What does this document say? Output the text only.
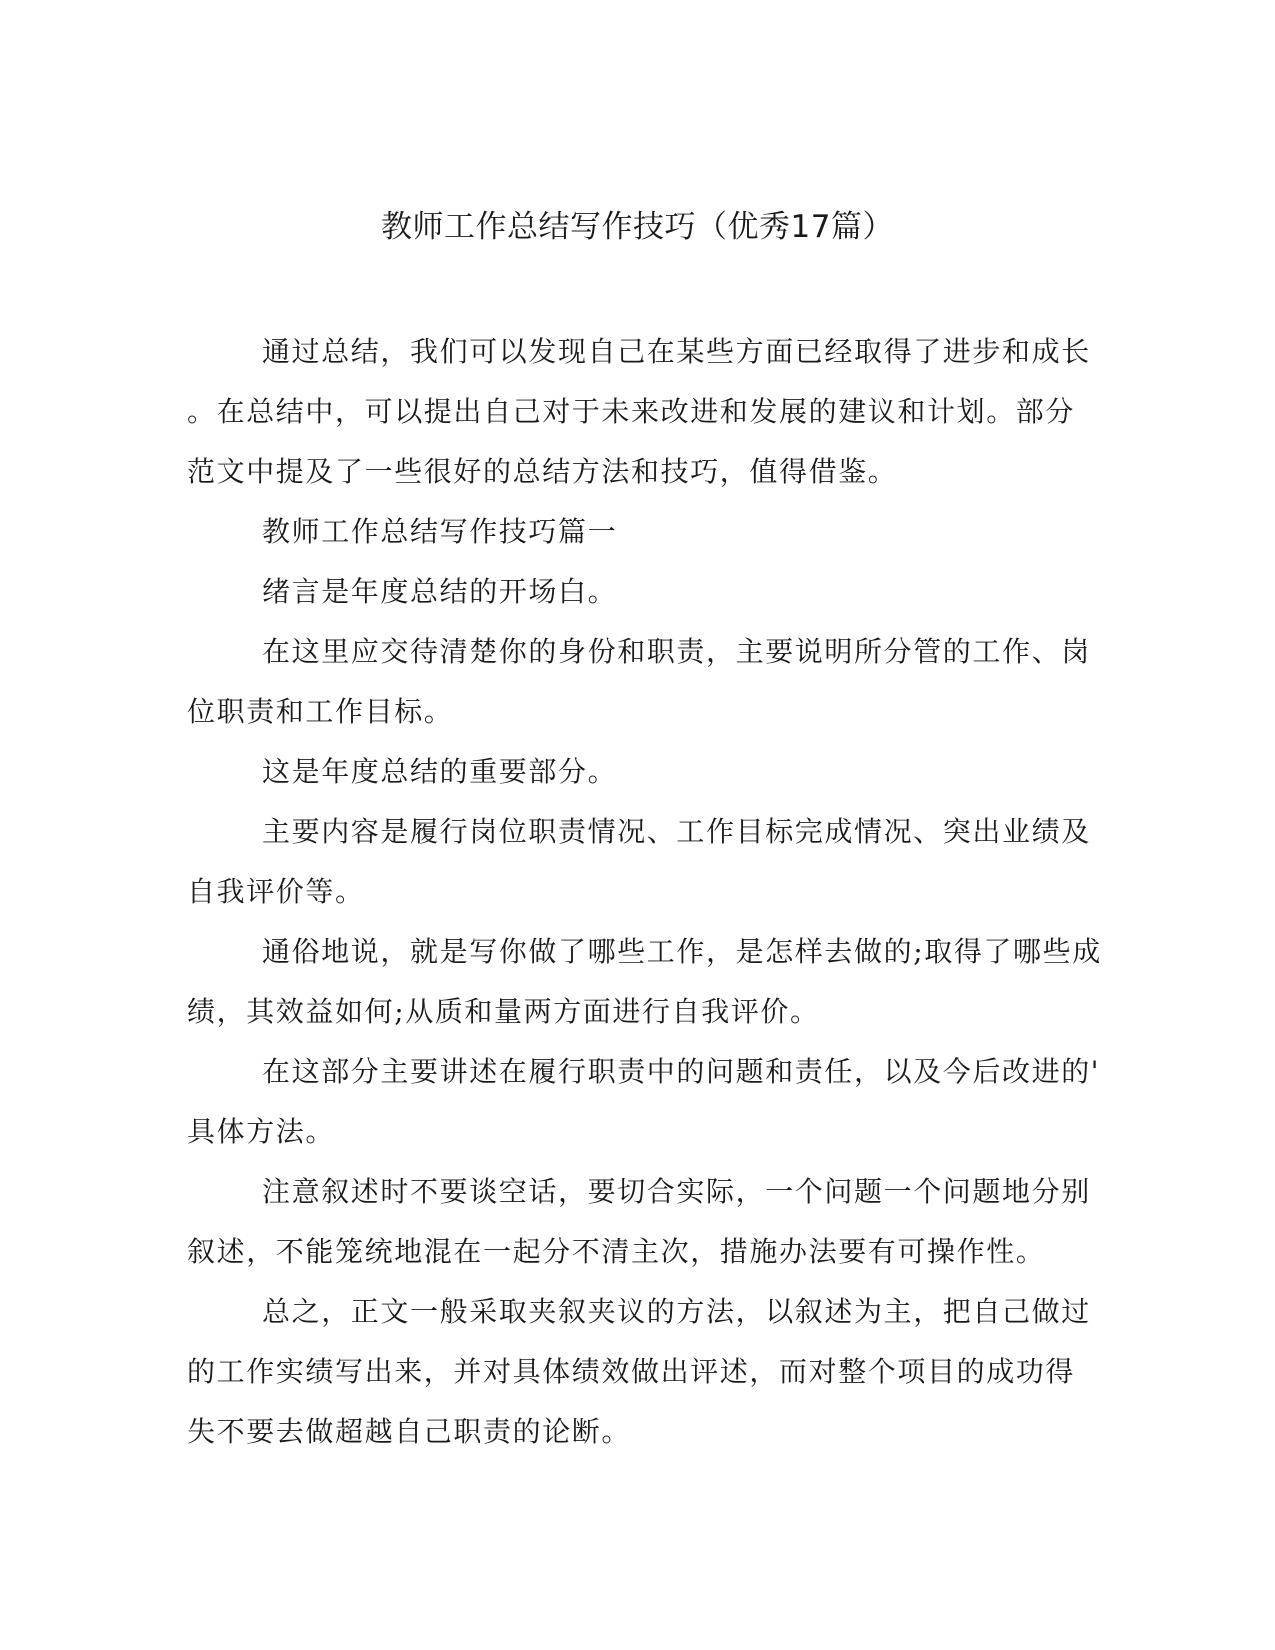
教师工作总结写作技巧（优秀17篇）

通过总结，我们可以发现自己在某些方面已经取得了进步和成长
。在总结中，可以提出自己对于未来改进和发展的建议和计划。部分
范文中提及了一些很好的总结方法和技巧，值得借鉴。

教师工作总结写作技巧篇一

绪言是年度总结的开场白。

在这里应交待清楚你的身份和职责，主要说明所分管的工作、岗
位职责和工作目标。

这是年度总结的重要部分。

主要内容是履行岗位职责情况、工作目标完成情况、突出业绩及
自我评价等。

通俗地说，就是写你做了哪些工作，是怎样去做的;取得了哪些成
绩，其效益如何;从质和量两方面进行自我评价。

在这部分主要讲述在履行职责中的问题和责任，以及今后改进的'
具体方法。

注意叙述时不要谈空话，要切合实际，一个问题一个问题地分别
叙述，不能笼统地混在一起分不清主次，措施办法要有可操作性。

总之，正文一般采取夹叙夹议的方法，以叙述为主，把自己做过
的工作实绩写出来，并对具体绩效做出评述，而对整个项目的成功得
失不要去做超越自己职责的论断。
